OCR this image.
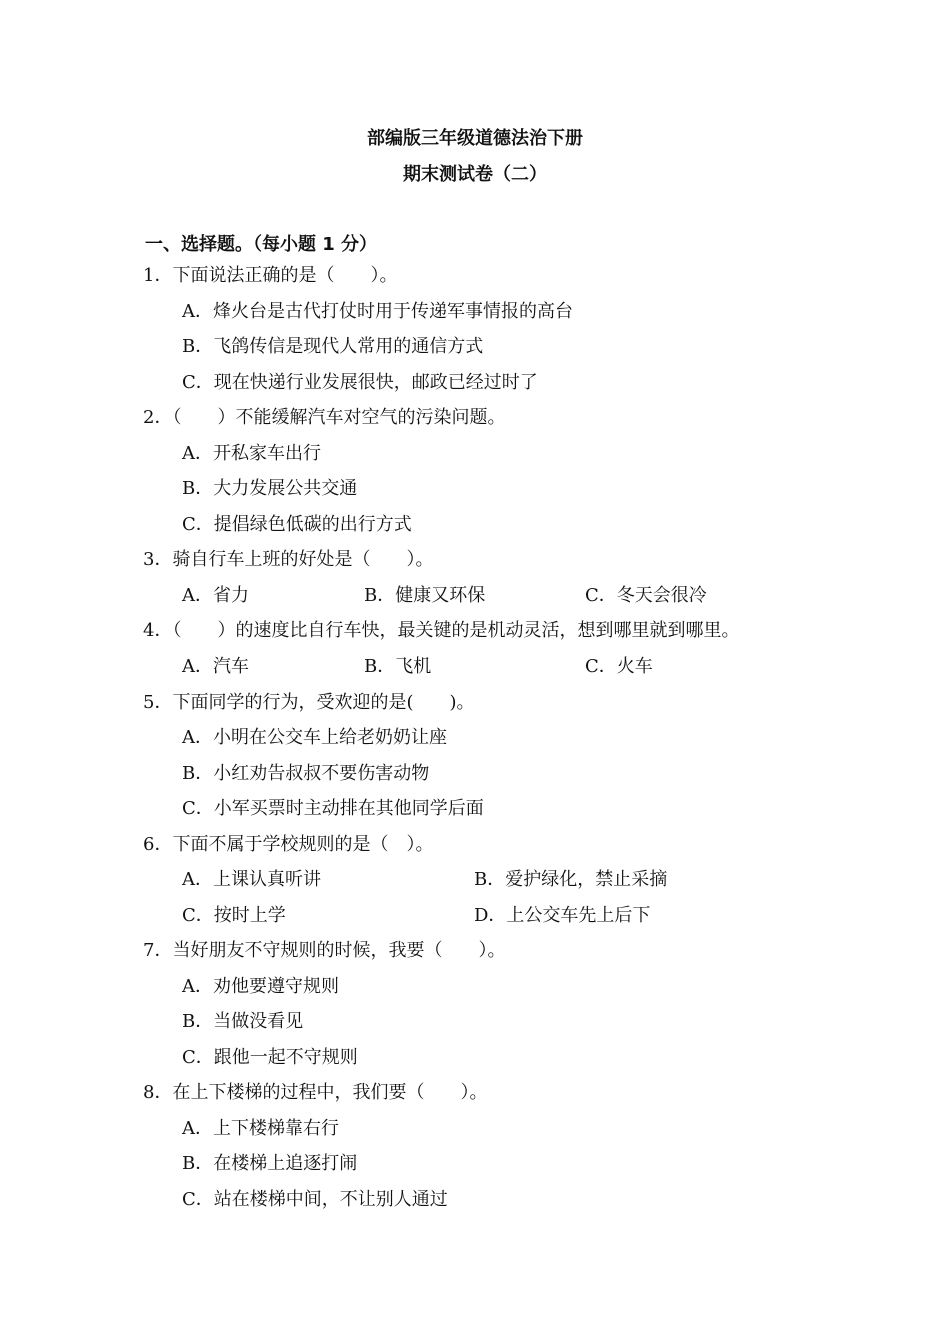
部编版三年级道德法治下册
期末测试卷（二）
一、选择题。（每小题 1 分）
1．下面说法正确的是（　　）。
A．烽火台是古代打仗时用于传递军事情报的高台
B．飞鸽传信是现代人常用的通信方式
C．现在快递行业发展很快，邮政已经过时了
2．（　　）不能缓解汽车对空气的污染问题。
A．开私家车出行
B．大力发展公共交通
C．提倡绿色低碳的出行方式
3．骑自行车上班的好处是（　　）。
A．省力	B．健康又环保	C．冬天会很冷
4．（　　）的速度比自行车快，最关键的是机动灵活，想到哪里就到哪里。
A．汽车	B．飞机	C．火车
5．下面同学的行为，受欢迎的是(　　)。
A．小明在公交车上给老奶奶让座
B．小红劝告叔叔不要伤害动物
C．小军买票时主动排在其他同学后面
6．下面不属于学校规则的是（　）。
A．上课认真听讲	B．爱护绿化，禁止采摘
C．按时上学	D．上公交车先上后下
7．当好朋友不守规则的时候，我要（　　）。
A．劝他要遵守规则
B．当做没看见
C．跟他一起不守规则
8．在上下楼梯的过程中，我们要（　　）。
A．上下楼梯靠右行
B．在楼梯上追逐打闹
C．站在楼梯中间，不让别人通过
